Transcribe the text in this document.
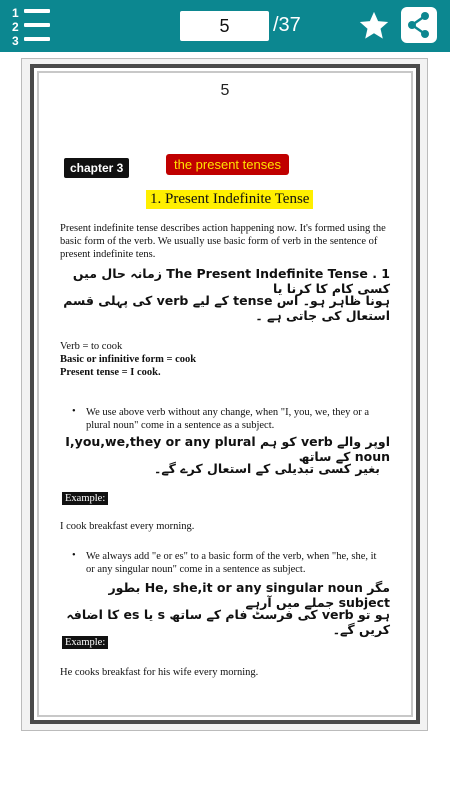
1
2
3
5
/37
5
chapter 3	the present tenses
1. Present Indefinite Tense
Present indefinite tense describes action happening now. It's formed using the basic form of the verb. We usually use basic form of verb in the sentence of present indefinite tens.
1 . The Present Indefinite Tense زمانہ حال میں کسی کام کا کرنا یا
ہونا ظاہر ہو۔ اس tense کے لیے verb کی پہلی قسم استعال کی جاتی ہے ۔
Verb = to cook
Basic or infinitive form = cook
Present tense = I cook.
• We use above verb without any change, when "I, you, we, they or a plural noun" come in a sentence as a subject.
اوپر والے verb کو ہم I,you,we,they or any plural noun کے ساتھ
بغیر کسی تبدیلی کے استعال کرے گے۔
Example:
I cook breakfast every morning.
• We always add "e or es" to a basic form of the verb, when "he, she, it or any singular noun" come in a sentence as subject.
مگر He, she,it or any singular noun بطور subject جملے میں آرہے
ہو تو verb کی فرسٹ فام کے ساتھ s یا es کا اضافہ کریں گے۔
Example:
He cooks breakfast for his wife every morning.
